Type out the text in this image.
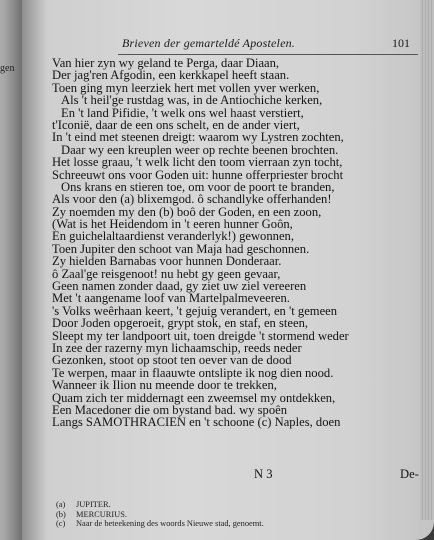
gen
Brieven der gemarteldé Apostelen.	101
Van hier zyn wy geland te Perga, daar Diaan,
Der jag'ren Afgodin, een kerkkapel heeft staan.
Toen ging myn leerziek hert met vollen yver werken,
Als 't heil'ge rustdag was, in de Antiochiche kerken,
En 't land Pifidie, 't welk ons wel haast verstiert,
t'Iconië, daar de een ons schelt, en de ander viert,
In 't eind met steenen dreigt: waarom wy Lystren zochten,
Daar wy een kreuplen weer op rechte beenen brochten.
Het losse graau, 't welk licht den toom vierraan zyn tocht,
Schreeuwt ons voor Goden uit: hunne offerpriester brocht
Ons krans en stieren toe, om voor de poort te branden,
Als voor den (a) blixemgod. ô schandlyke offerhanden!
Zy noemden my den (b) boô der Goden, en een zoon,
(Wat is het Heidendom in 't eeren hunner Goôn,
En guichelaltaardienst veranderlyk!) gewonnen,
Toen Jupiter den schoot van Maja had geschonnen.
Zy hielden Barnabas voor hunnen Donderaar.
ô Zaal'ge reisgenoot! nu hebt gy geen gevaar,
Geen namen zonder daad, gy ziet uw ziel vereeren
Met 't aangename loof van Martelpalmeveeren.
's Volks weêrhaan keert, 't gejuig verandert, en 't gemeen
Door Joden opgeroeit, grypt stok, en staf, en steen,
Sleept my ter landpoort uit, toen dreigde 't stormend weder
In zee der razerny myn lichaamschip, reeds neder
Gezonken, stoot op stoot ten oever van de dood
Te werpen, maar in flaauwte ontslipte ik nog dien nood.
Wanneer ik Ilion nu meende door te trekken,
Quam zich ter middernagt een zweemsel my ontdekken,
Een Macedoner die om bystand bad. wy spoên
Langs SAMOTHRACIEN en 't schoone (c) Naples, doen
N 3	De-
(a) JUPITER.
(b) MERCURIUS.
(c) Naar de beteekening des woords Nieuwe stad, genoemt.
